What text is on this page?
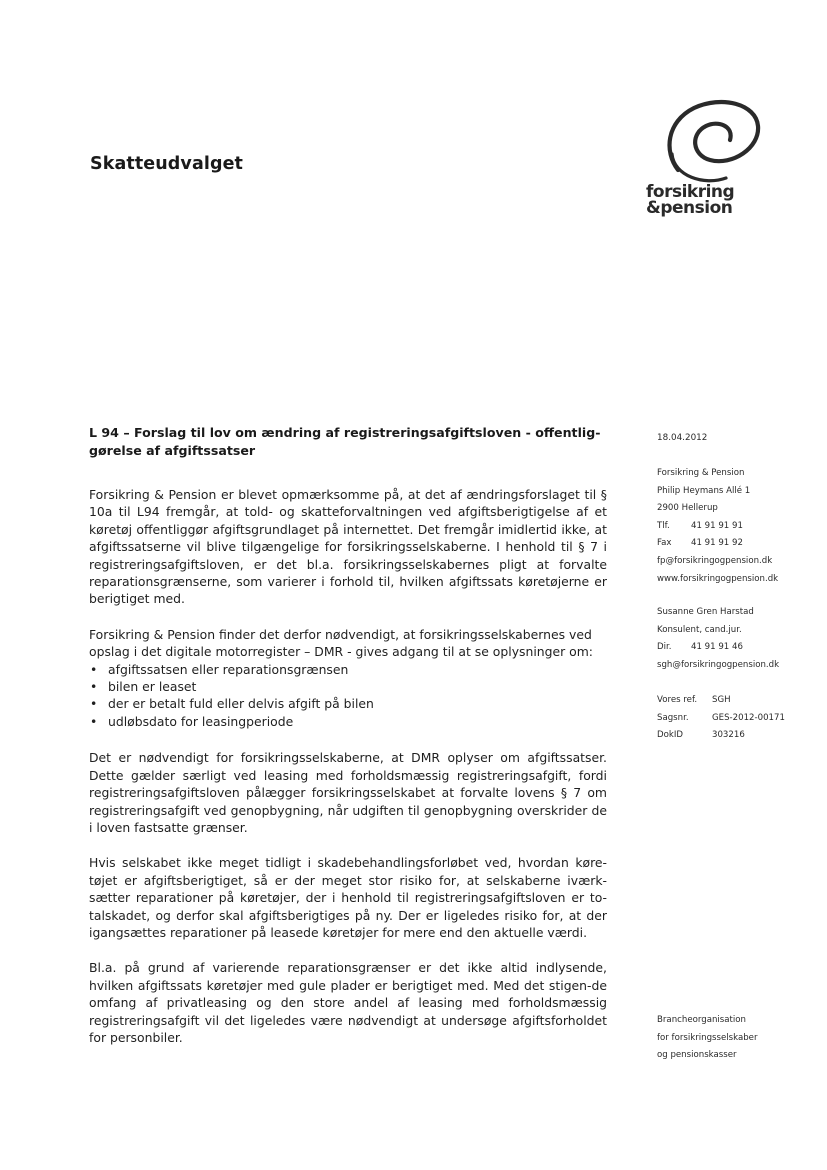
Skatteudvalget
forsikring
&pension
L 94 – Forslag til lov om ændring af registreringsafgiftsloven - offentlig-
gørelse af afgiftssatser

Forsikring & Pension er blevet opmærksomme på, at det af ændringsforslaget til § 10a til L94 fremgår, at told- og skatteforvaltningen ved afgiftsberigtigelse af et køretøj offentliggør afgiftsgrundlaget på internettet. Det fremgår imidlertid ikke, at afgiftssatserne vil blive tilgængelige for forsikringsselskaberne. I henhold til § 7 i registreringsafgiftsloven, er det bl.a. forsikringsselskabernes pligt at forvalte reparationsgrænserne, som varierer i forhold til, hvilken afgiftssats køretøjerne er berigtiget med.

Forsikring & Pension finder det derfor nødvendigt, at forsikringsselskabernes ved opslag i det digitale motorregister – DMR - gives adgang til at se oplysninger om:

• afgiftssatsen eller reparationsgrænsen
• bilen er leaset
• der er betalt fuld eller delvis afgift på bilen
• udløbsdato for leasingperiode

Det er nødvendigt for forsikringsselskaberne, at DMR oplyser om afgiftssatser. Dette gælder særligt ved leasing med forholdsmæssig registreringsafgift, fordi registreringsafgiftsloven pålægger forsikringsselskabet at forvalte lovens § 7 om registreringsafgift ved genopbygning, når udgiften til genopbygning overskrider de i loven fastsatte grænser.

Hvis selskabet ikke meget tidligt i skadebehandlingsforløbet ved, hvordan køre-tøjet er afgiftsberigtiget, så er der meget stor risiko for, at selskaberne iværk-sætter reparationer på køretøjer, der i henhold til registreringsafgiftsloven er to-talskadet, og derfor skal afgiftsberigtiges på ny. Der er ligeledes risiko for, at der igangsættes reparationer på leasede køretøjer for mere end den aktuelle værdi.

Bl.a. på grund af varierende reparationsgrænser er det ikke altid indlysende, hvilken afgiftssats køretøjer med gule plader er berigtiget med. Med det stigen-de omfang af privatleasing og den store andel af leasing med forholdsmæssig registreringsafgift vil det ligeledes være nødvendigt at undersøge afgiftsforholdet for personbiler.

18.04.2012
Forsikring & Pension
Philip Heymans Allé 1
2900 Hellerup
Tlf. 41 91 91 91
Fax 41 91 91 92
fp@forsikringogpension.dk
www.forsikringogpension.dk
Susanne Gren Harstad
Konsulent, cand.jur.
Dir. 41 91 91 46
sgh@forsikringogpension.dk
Vores ref. SGH
Sagsnr.	GES-2012-00171
DokID	303216
Brancheorganisation
for forsikringsselskaber
og pensionskasser
